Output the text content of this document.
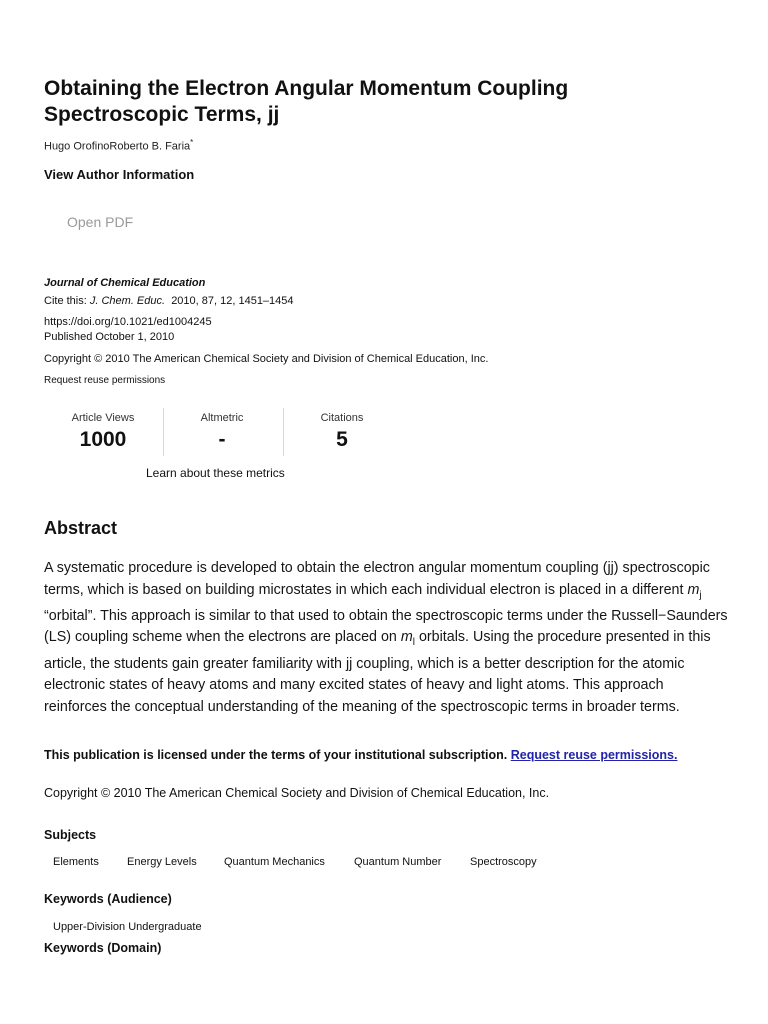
Obtaining the Electron Angular Momentum Coupling Spectroscopic Terms, jj
Hugo OrofinoRoberto B. Faria*
View Author Information
Open PDF
Journal of Chemical Education
Cite this: J. Chem. Educ. 2010, 87, 12, 1451–1454
https://doi.org/10.1021/ed1004245
Published October 1, 2010
Copyright © 2010 The American Chemical Society and Division of Chemical Education, Inc.
Request reuse permissions
Article Views
1000
Altmetric
-
Citations
5
Learn about these metrics
Abstract

A systematic procedure is developed to obtain the electron angular momentum coupling (jj) spectroscopic terms, which is based on building microstates in which each individual electron is placed in a different $m_j$ “orbital”. This approach is similar to that used to obtain the spectroscopic terms under the Russell−Saunders (LS) coupling scheme when the electrons are placed on $m_l$ orbitals. Using the procedure presented in this article, the students gain greater familiarity with jj coupling, which is a better description for the atomic electronic states of heavy atoms and many excited states of heavy and light atoms. This approach reinforces the conceptual understanding of the meaning of the spectroscopic terms in broader terms.

This publication is licensed under the terms of your institutional subscription. Request reuse permissions.
Copyright © 2010 The American Chemical Society and Division of Chemical Education, Inc.
Subjects
Elements	Energy Levels Quantum Mechanics	Quantum Number	Spectroscopy
Keywords (Audience)
Upper-Division Undergraduate
Keywords (Domain)
